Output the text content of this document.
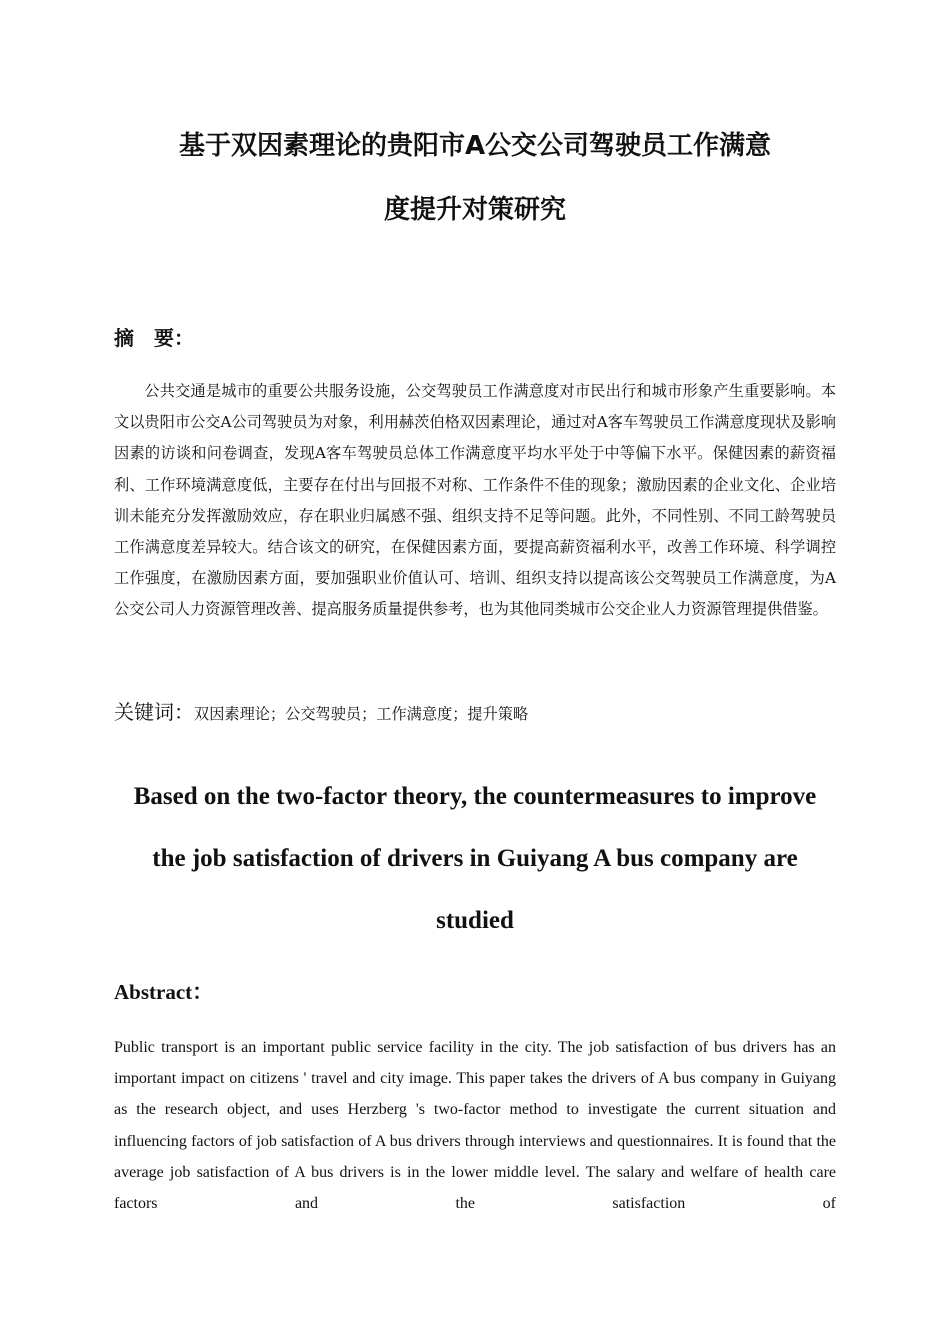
基于双因素理论的贵阳市A公交公司驾驶员工作满意
度提升对策研究
摘　要：

公共交通是城市的重要公共服务设施，公交驾驶员工作满意度对市民出行和城市形象产生重要影响。本文以贵阳市公交A公司驾驶员为对象，利用赫茨伯格双因素理论，通过对A客车驾驶员工作满意度现状及影响因素的访谈和问卷调查，发现A客车驾驶员总体工作满意度平均水平处于中等偏下水平。保健因素的薪资福利、工作环境满意度低，主要存在付出与回报不对称、工作条件不佳的现象；激励因素的企业文化、企业培训未能充分发挥激励效应，存在职业归属感不强、组织支持不足等问题。此外，不同性别、不同工龄驾驶员工作满意度差异较大。结合该文的研究，在保健因素方面，要提高薪资福利水平，改善工作环境、科学调控工作强度，在激励因素方面，要加强职业价值认可、培训、组织支持以提高该公交驾驶员工作满意度，为A公交公司人力资源管理改善、提高服务质量提供参考，也为其他同类城市公交企业人力资源管理提供借鉴。

关键词：双因素理论；公交驾驶员；工作满意度；提升策略

Based on the two-factor theory, the countermeasures to improve
the job satisfaction of drivers in Guiyang A bus company are
studied
Abstract：

Public transport is an important public service facility in the city. The job satisfaction of bus drivers has an important impact on citizens ' travel and city image. This paper takes the drivers of A bus company in Guiyang as the research object, and uses Herzberg 's two-factor method to investigate the current situation and influencing factors of job satisfaction of A bus drivers through interviews and questionnaires. It is found that the average job satisfaction of A bus drivers is in the lower middle level. The salary and welfare of health care factors and the satisfaction of
